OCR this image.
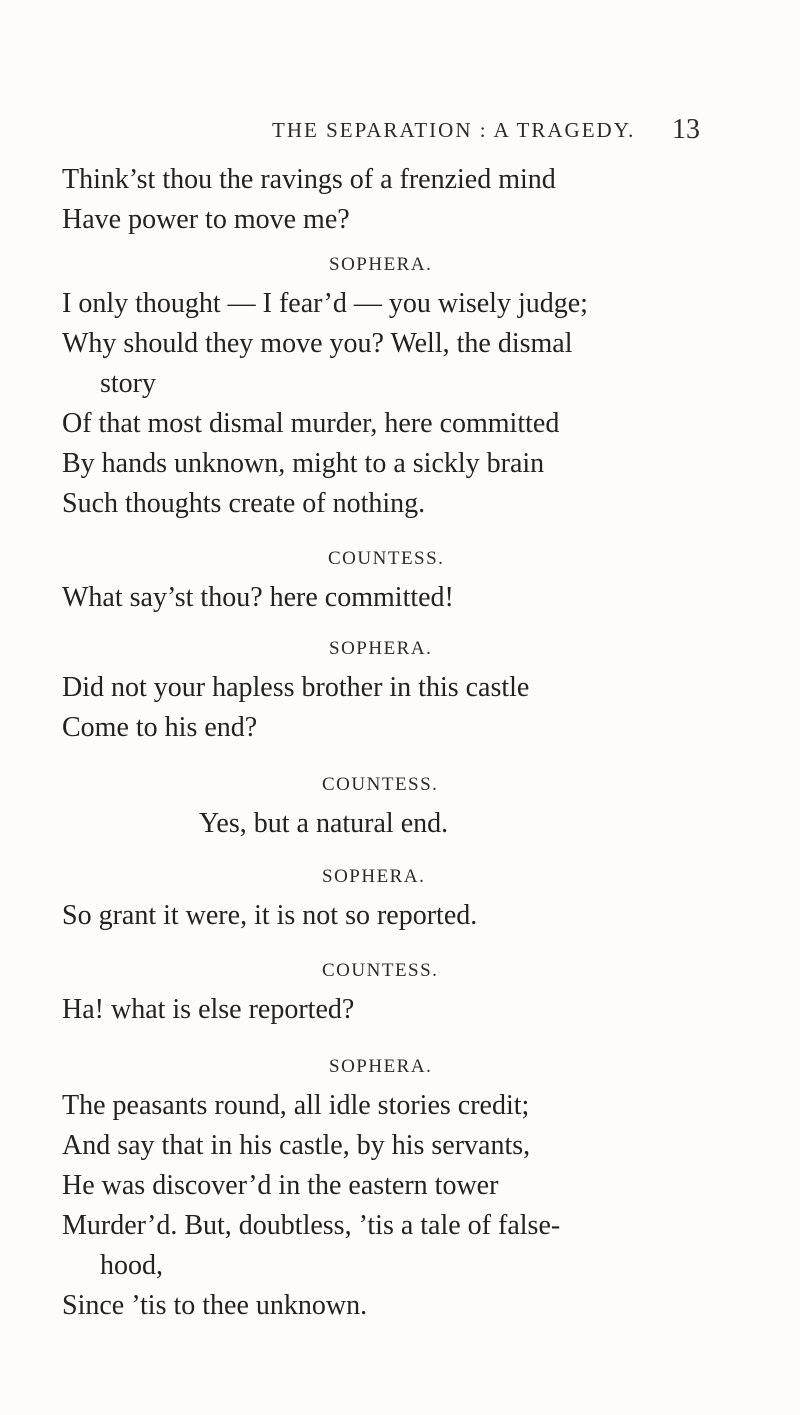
THE SEPARATION : A TRAGEDY. 13
Think’st thou the ravings of a frenzied mind
Have power to move me?
SOPHERA.
I only thought — I fear’d — you wisely judge;
Why should they move you? Well, the dismal
story
Of that most dismal murder, here committed
By hands unknown, might to a sickly brain
Such thoughts create of nothing.
COUNTESS.
What say’st thou? here committed!
SOPHERA.
Did not your hapless brother in this castle
Come to his end?
COUNTESS.
Yes, but a natural end.
SOPHERA.
So grant it were, it is not so reported.
COUNTESS.
Ha! what is else reported?
SOPHERA.
The peasants round, all idle stories credit;
And say that in his castle, by his servants,
He was discover’d in the eastern tower
Murder’d. But, doubtless, ’tis a tale of false-
hood,
Since ’tis to thee unknown.
